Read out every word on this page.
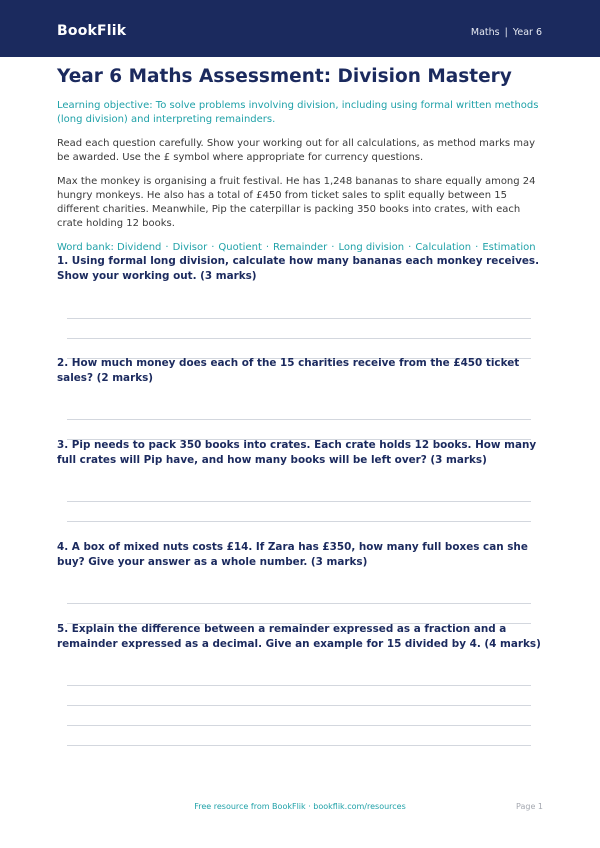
BookFlik	Maths | Year 6
Year 6 Maths Assessment: Division Mastery
Learning objective: To solve problems involving division, including using formal written methods (long division) and interpreting remainders.
Read each question carefully. Show your working out for all calculations, as method marks may be awarded. Use the £ symbol where appropriate for currency questions.
Max the monkey is organising a fruit festival. He has 1,248 bananas to share equally among 24 hungry monkeys. He also has a total of £450 from ticket sales to split equally between 15 different charities. Meanwhile, Pip the caterpillar is packing 350 books into crates, with each crate holding 12 books.
Word bank: Dividend · Divisor · Quotient · Remainder · Long division · Calculation · Estimation
1. Using formal long division, calculate how many bananas each monkey receives. Show your working out. (3 marks)
2. How much money does each of the 15 charities receive from the £450 ticket sales? (2 marks)
3. Pip needs to pack 350 books into crates. Each crate holds 12 books. How many full crates will Pip have, and how many books will be left over? (3 marks)
4. A box of mixed nuts costs £14. If Zara has £350, how many full boxes can she buy? Give your answer as a whole number. (3 marks)
5. Explain the difference between a remainder expressed as a fraction and a remainder expressed as a decimal. Give an example for 15 divided by 4. (4 marks)
Free resource from BookFlik · bookflik.com/resources	Page 1
